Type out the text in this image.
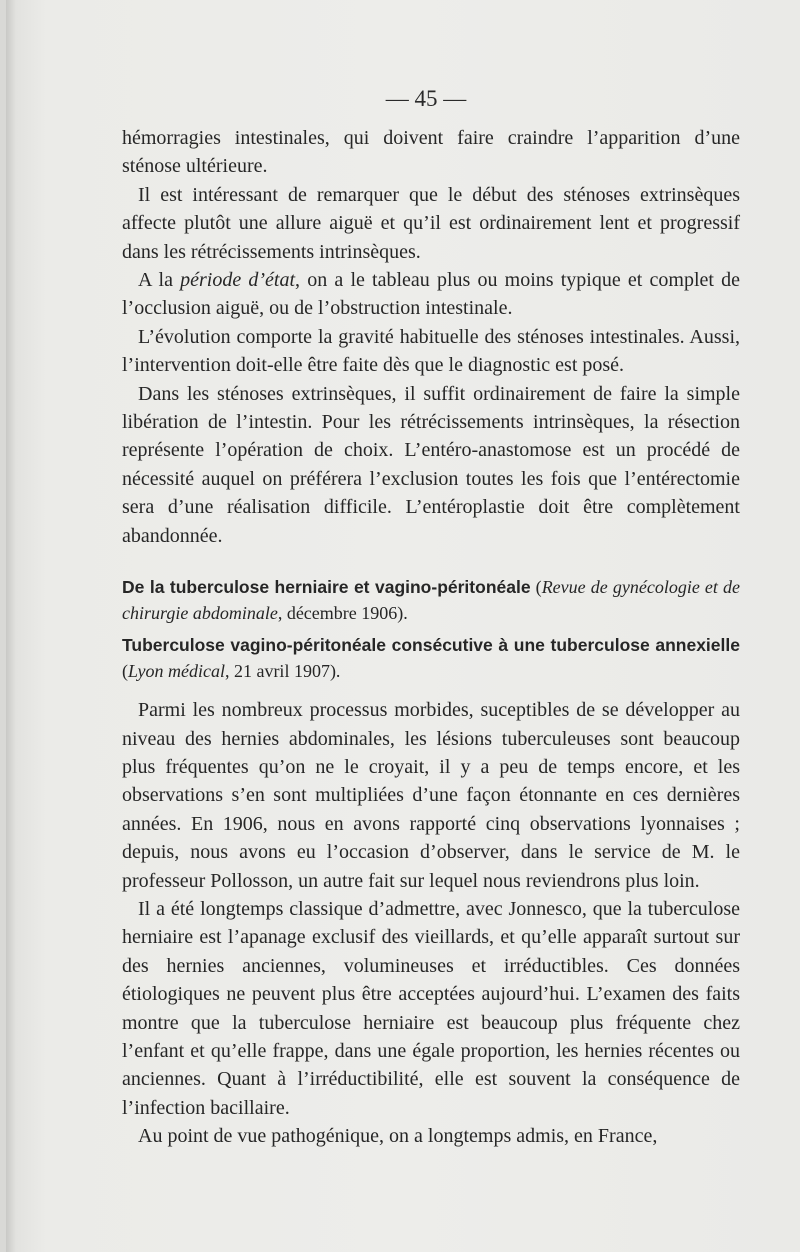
— 45 —

hémorragies intestinales, qui doivent faire craindre l’apparition d’une sténose ultérieure.

Il est intéressant de remarquer que le début des sténoses extrinsèques affecte plutôt une allure aiguë et qu’il est ordinairement lent et progressif dans les rétrécissements intrinsèques.

A la période d’état, on a le tableau plus ou moins typique et complet de l’occlusion aiguë, ou de l’obstruction intestinale.

L’évolution comporte la gravité habituelle des sténoses intestinales. Aussi, l’intervention doit-elle être faite dès que le diagnostic est posé.

Dans les sténoses extrinsèques, il suffit ordinairement de faire la simple libération de l’intestin. Pour les rétrécissements intrinsèques, la résection représente l’opération de choix. L’entéro-anastomose est un procédé de nécessité auquel on préférera l’exclusion toutes les fois que l’entérectomie sera d’une réalisation difficile. L’entéroplastie doit être complètement abandonnée.

De la tuberculose herniaire et vagino-péritonéale (Revue de gynécologie et de chirurgie abdominale, décembre 1906).

Tuberculose vagino-péritonéale consécutive à une tuberculose annexielle (Lyon médical, 21 avril 1907).

Parmi les nombreux processus morbides, suceptibles de se développer au niveau des hernies abdominales, les lésions tuberculeuses sont beaucoup plus fréquentes qu’on ne le croyait, il y a peu de temps encore, et les observations s’en sont multipliées d’une façon étonnante en ces dernières années. En 1906, nous en avons rapporté cinq observations lyonnaises ; depuis, nous avons eu l’occasion d’observer, dans le service de M. le professeur Pollosson, un autre fait sur lequel nous reviendrons plus loin.

Il a été longtemps classique d’admettre, avec Jonnesco, que la tuberculose herniaire est l’apanage exclusif des vieillards, et qu’elle apparaît surtout sur des hernies anciennes, volumineuses et irréductibles. Ces données étiologiques ne peuvent plus être acceptées aujourd’hui. L’examen des faits montre que la tuberculose herniaire est beaucoup plus fréquente chez l’enfant et qu’elle frappe, dans une égale proportion, les hernies récentes ou anciennes. Quant à l’irréductibilité, elle est souvent la conséquence de l’infection bacillaire.

Au point de vue pathogénique, on a longtemps admis, en France,
